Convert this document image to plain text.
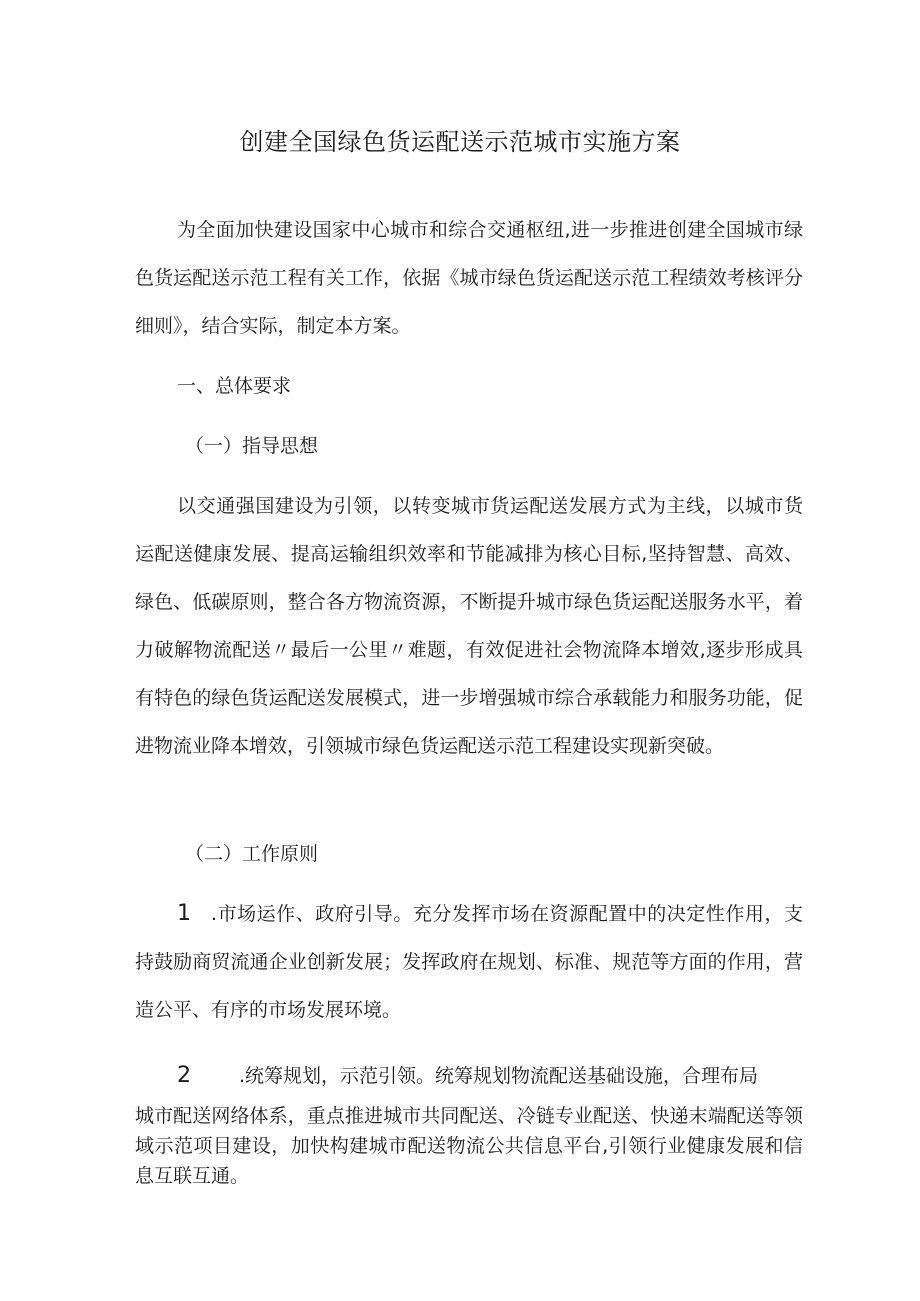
创建全国绿色货运配送示范城市实施方案

为全面加快建设国家中心城市和综合交通枢纽,进一步推进创建全国城市绿色货运配送示范工程有关工作，依据《城市绿色货运配送示范工程绩效考核评分细则》，结合实际，制定本方案。

一、总体要求

（一）指导思想

以交通强国建设为引领，以转变城市货运配送发展方式为主线，以城市货运配送健康发展、提高运输组织效率和节能减排为核心目标,坚持智慧、高效、绿色、低碳原则，整合各方物流资源，不断提升城市绿色货运配送服务水平，着力破解物流配送〃最后一公里〃难题，有效促进社会物流降本增效,逐步形成具有特色的绿色货运配送发展模式，进一步增强城市综合承载能力和服务功能，促进物流业降本增效，引领城市绿色货运配送示范工程建设实现新突破。

（二）工作原则

1 .市场运作、政府引导。充分发挥市场在资源配置中的决定性作用，支持鼓励商贸流通企业创新发展；发挥政府在规划、标准、规范等方面的作用，营造公平、有序的市场发展环境。

2	.统筹规划，示范引领。统筹规划物流配送基础设施，合理布局

城市配送网络体系，重点推进城市共同配送、冷链专业配送、快递末端配送等领域示范项目建设，加快构建城市配送物流公共信息平台,引领行业健康发展和信息互联互通。
